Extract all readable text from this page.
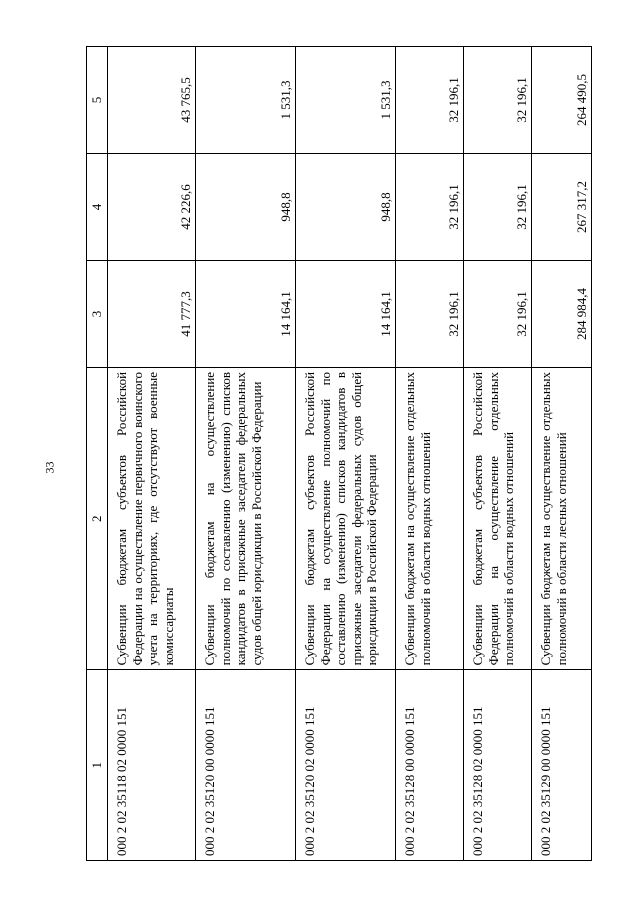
33
1	2	3	4	5
000 2 02 35118 02 0000 151	Субвенции бюджетам субъектов Российской Федерации на осуществление первичного воинского учета на территориях, где отсутствуют военные комиссариаты	41 777,3	42 226,6	43 765,5
000 2 02 35120 00 0000 151	Субвенции бюджетам на осуществление полномочий по составлению (изменению) списков кандидатов в присяжные заседатели федеральных судов общей юрисдикции в Российской Федерации	14 164,1	948,8	1 531,3
000 2 02 35120 02 0000 151	Субвенции бюджетам субъектов Российской Федерации на осуществление полномочий по составлению (изменению) списков кандидатов в присяжные заседатели федеральных судов общей юрисдикции в Российской Федерации	14 164,1	948,8	1 531,3
000 2 02 35128 00 0000 151	Субвенции бюджетам на осуществление отдельных полномочий в области водных отношений	32 196,1	32 196,1	32 196,1
000 2 02 35128 02 0000 151	Субвенции бюджетам субъектов Российской Федерации на осуществление отдельных полномочий в области водных отношений	32 196,1	32 196,1	32 196,1
000 2 02 35129 00 0000 151	Субвенции бюджетам на осуществление отдельных полномочий в области лесных отношений	284 984,4	267 317,2	264 490,5
